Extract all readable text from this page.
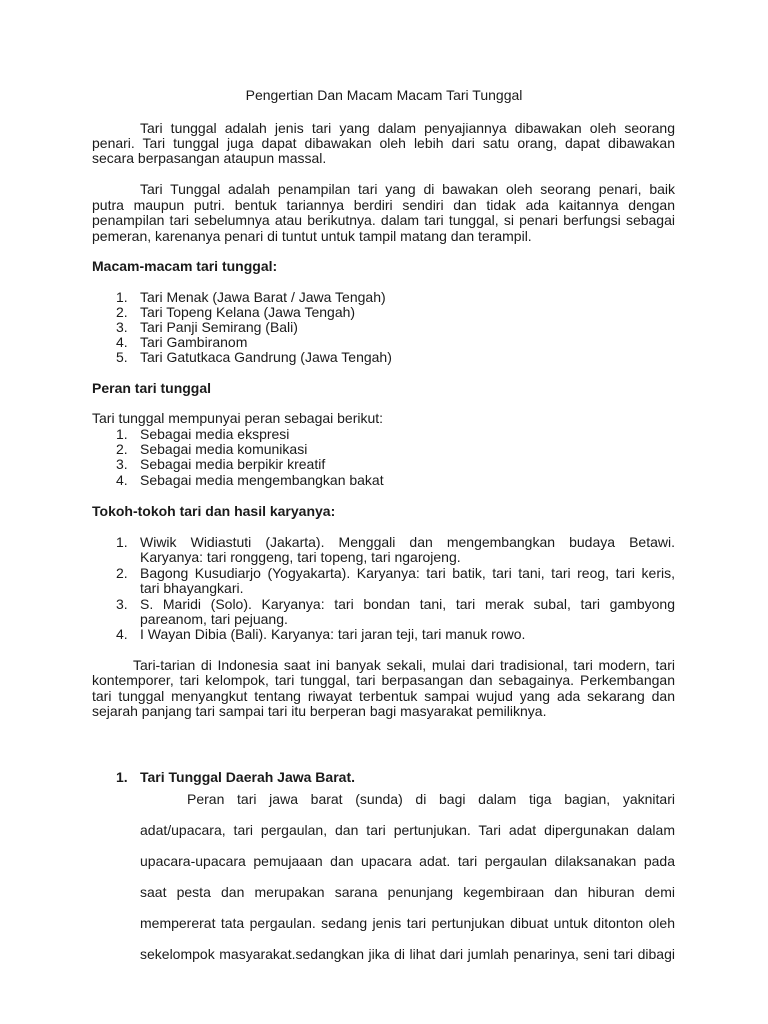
Pengertian Dan Macam Macam Tari Tunggal
Tari tunggal adalah jenis tari yang dalam penyajiannya dibawakan oleh seorang
penari. Tari tunggal juga dapat dibawakan oleh lebih dari satu orang, dapat dibawakan
secara berpasangan ataupun massal.
Tari Tunggal adalah penampilan tari yang di bawakan oleh seorang penari, baik
putra maupun putri. bentuk tariannya berdiri sendiri dan tidak ada kaitannya dengan
penampilan tari sebelumnya atau berikutnya. dalam tari tunggal, si penari berfungsi sebagai
pemeran, karenanya penari di tuntut untuk tampil matang dan terampil.
Macam-macam tari tunggal:
1. Tari Menak (Jawa Barat / Jawa Tengah)
2. Tari Topeng Kelana (Jawa Tengah)
3. Tari Panji Semirang (Bali)
4. Tari Gambiranom
5. Tari Gatutkaca Gandrung (Jawa Tengah)
Peran tari tunggal
Tari tunggal mempunyai peran sebagai berikut:
1. Sebagai media ekspresi
2. Sebagai media komunikasi
3. Sebagai media berpikir kreatif
4. Sebagai media mengembangkan bakat
Tokoh-tokoh tari dan hasil karyanya:
1. Wiwik Widiastuti (Jakarta). Menggali dan mengembangkan budaya Betawi.
Karyanya: tari ronggeng, tari topeng, tari ngarojeng.
2. Bagong Kusudiarjo (Yogyakarta). Karyanya: tari batik, tari tani, tari reog, tari keris,
tari bhayangkari.
3. S. Maridi (Solo). Karyanya: tari bondan tani, tari merak subal, tari gambyong
pareanom, tari pejuang.
4. I Wayan Dibia (Bali). Karyanya: tari jaran teji, tari manuk rowo.
Tari-tarian di Indonesia saat ini banyak sekali, mulai dari tradisional, tari modern, tari
kontemporer, tari kelompok, tari tunggal, tari berpasangan dan sebagainya. Perkembangan
tari tunggal menyangkut tentang riwayat terbentuk sampai wujud yang ada sekarang dan
sejarah panjang tari sampai tari itu berperan bagi masyarakat pemiliknya.
1. Tari Tunggal Daerah Jawa Barat.
Peran tari jawa barat (sunda) di bagi dalam tiga bagian, yaknitari
adat/upacara, tari pergaulan, dan tari pertunjukan. Tari adat dipergunakan dalam
upacara-upacara pemujaaan dan upacara adat. tari pergaulan dilaksanakan pada
saat pesta dan merupakan sarana penunjang kegembiraan dan hiburan demi
mempererat tata pergaulan. sedang jenis tari pertunjukan dibuat untuk ditonton oleh
sekelompok masyarakat.sedangkan jika di lihat dari jumlah penarinya, seni tari dibagi
